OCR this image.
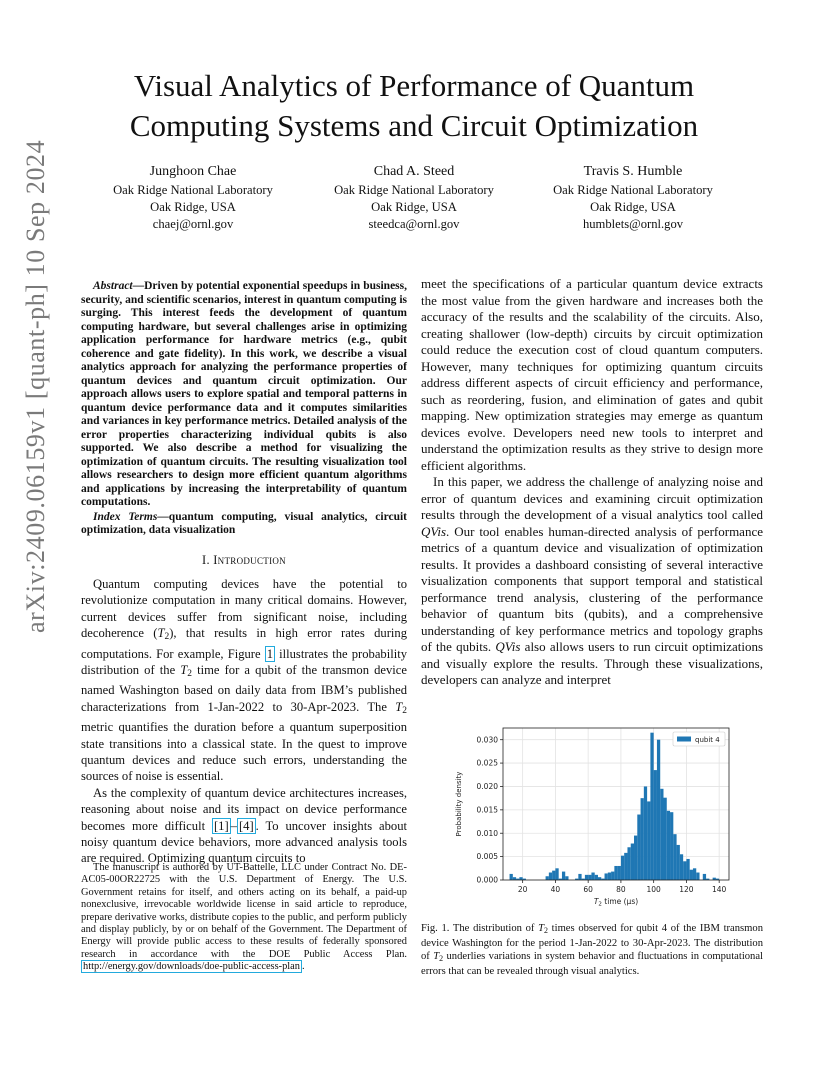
arXiv:2409.06159v1 [quant-ph] 10 Sep 2024
Visual Analytics of Performance of Quantum
Computing Systems and Circuit Optimization
Junghoon Chae
Oak Ridge National Laboratory
Oak Ridge, USA
chaej@ornl.gov
Chad A. Steed
Oak Ridge National Laboratory
Oak Ridge, USA
steedca@ornl.gov
Travis S. Humble
Oak Ridge National Laboratory
Oak Ridge, USA
humblets@ornl.gov

Abstract—Driven by potential exponential speedups in business, security, and scientific scenarios, interest in quantum computing is surging. This interest feeds the development of quantum computing hardware, but several challenges arise in optimizing application performance for hardware metrics (e.g., qubit coherence and gate fidelity). In this work, we describe a visual analytics approach for analyzing the performance properties of quantum devices and quantum circuit optimization. Our approach allows users to explore spatial and temporal patterns in quantum device performance data and it computes similarities and variances in key performance metrics. Detailed analysis of the error properties characterizing individual qubits is also supported. We also describe a method for visualizing the optimization of quantum circuits. The resulting visualization tool allows researchers to design more efficient quantum algorithms and applications by increasing the interpretability of quantum computations.

Index Terms—quantum computing, visual analytics, circuit optimization, data visualization

I. Introduction

Quantum computing devices have the potential to revolutionize computation in many critical domains. However, current devices suffer from significant noise, including decoherence $(T_2)$, that results in high error rates during computations. For example, Figure 1 illustrates the probability distribution of the $T_2$ time for a qubit of the transmon device named Washington based on daily data from IBM’s published characterizations from 1-Jan-2022 to 30-Apr-2023. The $T_2$ metric quantifies the duration before a quantum superposition state transitions into a classical state. In the quest to improve quantum devices and reduce such errors, understanding the sources of noise is essential.

As the complexity of quantum device architectures increases, reasoning about noise and its impact on device performance becomes more difficult [1] – [4] . To uncover insights about noisy quantum device behaviors, more advanced analysis tools are required. Optimizing quantum circuits to

The manuscript is authored by UT-Battelle, LLC under Contract No. DE-AC05-00OR22725 with the U.S. Department of Energy. The U.S. Government retains for itself, and others acting on its behalf, a paid-up nonexclusive, irrevocable worldwide license in said article to reproduce, prepare derivative works, distribute copies to the public, and perform publicly and display publicly, by or on behalf of the Government. The Department of Energy will provide public access to these results of federally sponsored research in accordance with the DOE Public Access Plan. http://energy.gov/downloads/doe-public-access-plan .

meet the specifications of a particular quantum device extracts the most value from the given hardware and increases both the accuracy of the results and the scalability of the circuits. Also, creating shallower (low-depth) circuits by circuit optimization could reduce the execution cost of cloud quantum computers. However, many techniques for optimizing quantum circuits address different aspects of circuit efficiency and performance, such as reordering, fusion, and elimination of gates and qubit mapping. New optimization strategies may emerge as quantum devices evolve. Developers need new tools to interpret and understand the optimization results as they strive to design more efficient algorithms.

In this paper, we address the challenge of analyzing noise and error of quantum devices and examining circuit optimization results through the development of a visual analytics tool called QVis. Our tool enables human-directed analysis of performance metrics of a quantum device and visualization of optimization results. It provides a dashboard consisting of several interactive visualization components that support temporal and statistical performance trend analysis, clustering of the performance behavior of quantum bits (qubits), and a comprehensive understanding of key performance metrics and topology graphs of the qubits. QVis also allows users to run circuit optimizations and visually explore the results. Through these visualizations, developers can analyze and interpret

20	40	60	80	100 120 140
0.000
0.005
0.010
0.015
0.020
0.025
0.030
$T_2$ time (μs)
Probability density
qubit 4
Fig. 1. The distribution of $T_2$ times observed for qubit 4 of the IBM transmon device Washington for the period 1-Jan-2022 to 30-Apr-2023. The distribution of $T_2$ underlies variations in system behavior and fluctuations in computational errors that can be revealed through visual analytics.
